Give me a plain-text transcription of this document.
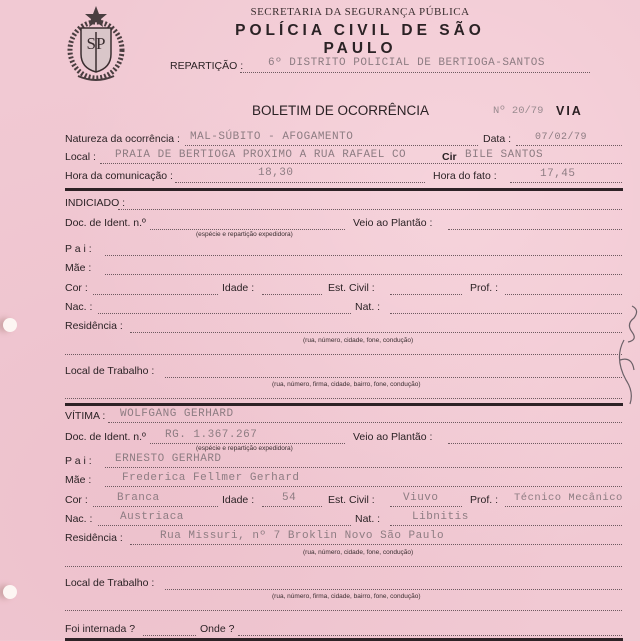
SP
SECRETARIA DA SEGURANÇA PÚBLICA
POLÍCIA CIVIL DE SÃO PAULO
REPARTIÇÃO : 6º DISTRITO POLICIAL DE BERTIOGA-SANTOS
BOLETIM DE OCORRÊNCIA	Nº 20/79 VIA
Natureza da ocorrência : MAL-SÚBITO - AFOGAMENTO	Data : 07/02/79
Local : PRAIA DE BERTIOGA PROXIMO A RUA RAFAEL CO	Cir BILE SANTOS
Hora da comunicação :	18,30	Hora do fato :	17,45
INDICIADO :
Doc. de Ident. n.º
(espécie e repartição expedidora)
Veio ao Plantão :
P a i :
Mãe :
Cor :	Idade :	Est. Civil :	Prof. :
Nac. :	Nat. :
Residência :
(rua, número, cidade, fone, condução)
Local de Trabalho :
(rua, número, firma, cidade, bairro, fone, condução)
VÍTIMA : WOLFGANG GERHARD
Doc. de Ident. n.º RG. 1.367.267
(espécie e repartição expedidora)
Veio ao Plantão :
P a i : ERNESTO GERHARD
Mãe :	Frederica Fellmer Gerhard
Cor :	Branca	Idade :	54	Est. Civil :	Viuvo	Prof. : Técnico Mecânico
Nac. :	Austriaca	Nat. :	Libnitis
Residência :	Rua Missuri, nº 7 Broklin Novo São Paulo
(rua, número, cidade, fone, condução)
Local de Trabalho :
(rua, número, firma, cidade, bairro, fone, condução)
Foi internada ?	Onde ?
